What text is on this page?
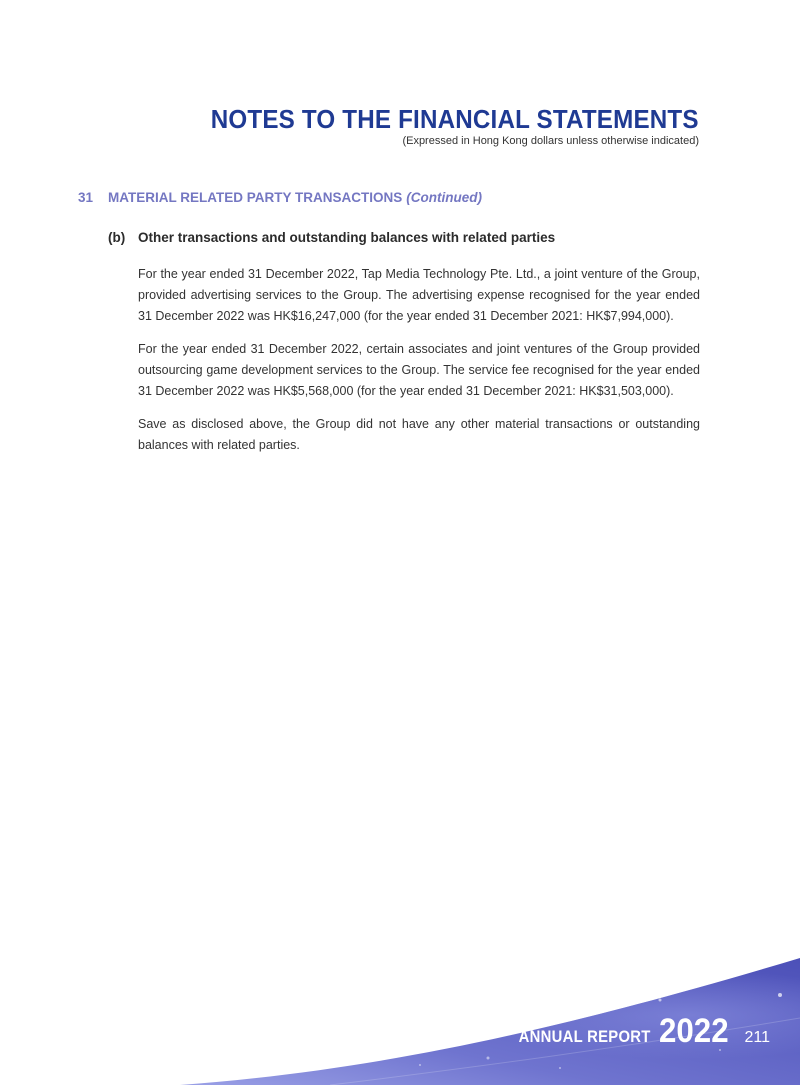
NOTES TO THE FINANCIAL STATEMENTS
(Expressed in Hong Kong dollars unless otherwise indicated)
31 MATERIAL RELATED PARTY TRANSACTIONS (Continued)
(b) Other transactions and outstanding balances with related parties

For the year ended 31 December 2022, Tap Media Technology Pte. Ltd., a joint venture of the Group, provided advertising services to the Group. The advertising expense recognised for the year ended 31 December 2022 was HK$16,247,000 (for the year ended 31 December 2021: HK$7,994,000).

For the year ended 31 December 2022, certain associates and joint ventures of the Group provided outsourcing game development services to the Group. The service fee recognised for the year ended 31 December 2022 was HK$5,568,000 (for the year ended 31 December 2021: HK$31,503,000).

Save as disclosed above, the Group did not have any other material transactions or outstanding balances with related parties.

ANNUAL REPORT 2022 211
